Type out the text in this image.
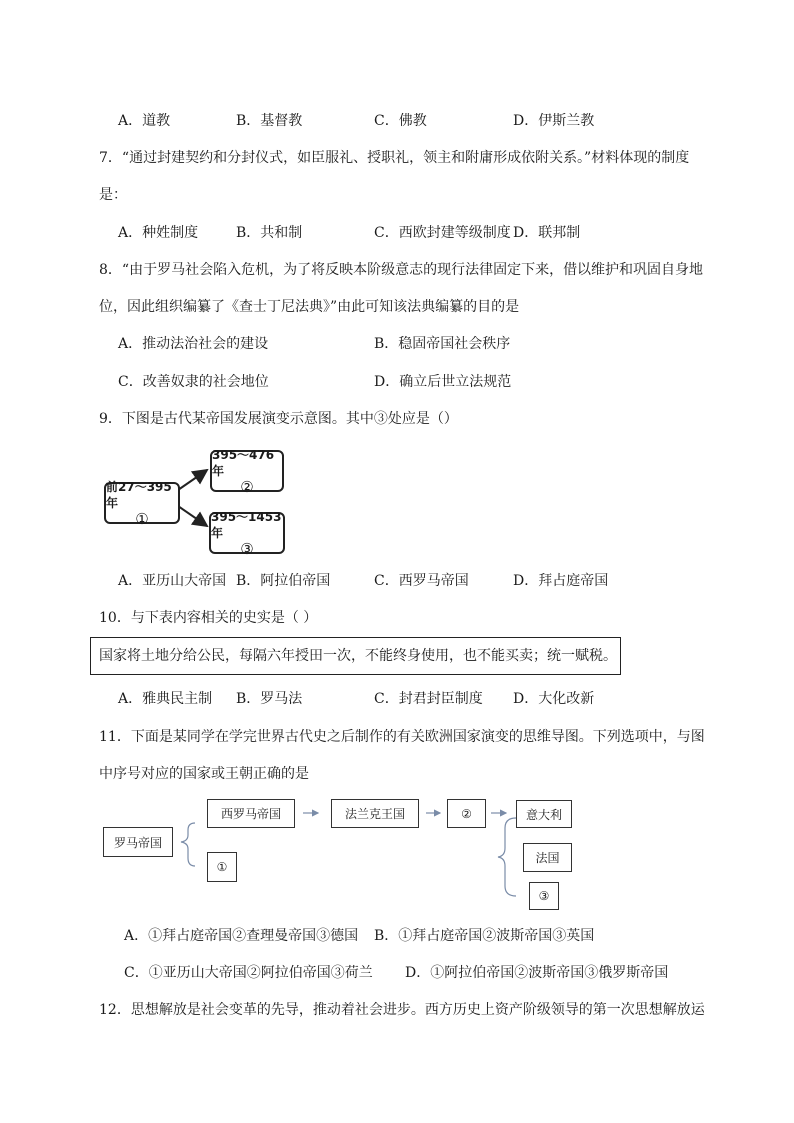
A．道教	B．基督教	C．佛教	D．伊斯兰教
7．“通过封建契约和分封仪式，如臣服礼、授职礼，领主和附庸形成依附关系。”材料体现的制度
是：
A．种姓制度	B．共和制	C．西欧封建等级制度 D．联邦制
8．“由于罗马社会陷入危机，为了将反映本阶级意志的现行法律固定下来，借以维护和巩固自身地
位，因此组织编纂了《查士丁尼法典》”由此可知该法典编纂的目的是
A．推动法治社会的建设	B．稳固帝国社会秩序
C．改善奴隶的社会地位	D．确立后世立法规范
9．下图是古代某帝国发展演变示意图。其中③处应是（）
前27～395年
①
395～476年
②
395～1453年
③
A．亚历山大帝国 B．阿拉伯帝国	C．西罗马帝国	D．拜占庭帝国
10．与下表内容相关的史实是（ ）
国家将土地分给公民，每隔六年授田一次，不能终身使用，也不能买卖；统一赋税。
A．雅典民主制 B．罗马法	C．封君封臣制度 D．大化改新
11．下面是某同学在学完世界古代史之后制作的有关欧洲国家演变的思维导图。下列选项中，与图
中序号对应的国家或王朝正确的是
罗马帝国
西罗马帝国
①
法兰克王国	②	意大利
法国
③
A．①拜占庭帝国②查理曼帝国③德国 B．①拜占庭帝国②波斯帝国③英国
C．①亚历山大帝国②阿拉伯帝国③荷兰 D．①阿拉伯帝国②波斯帝国③俄罗斯帝国
12．思想解放是社会变革的先导，推动着社会进步。西方历史上资产阶级领导的第一次思想解放运
